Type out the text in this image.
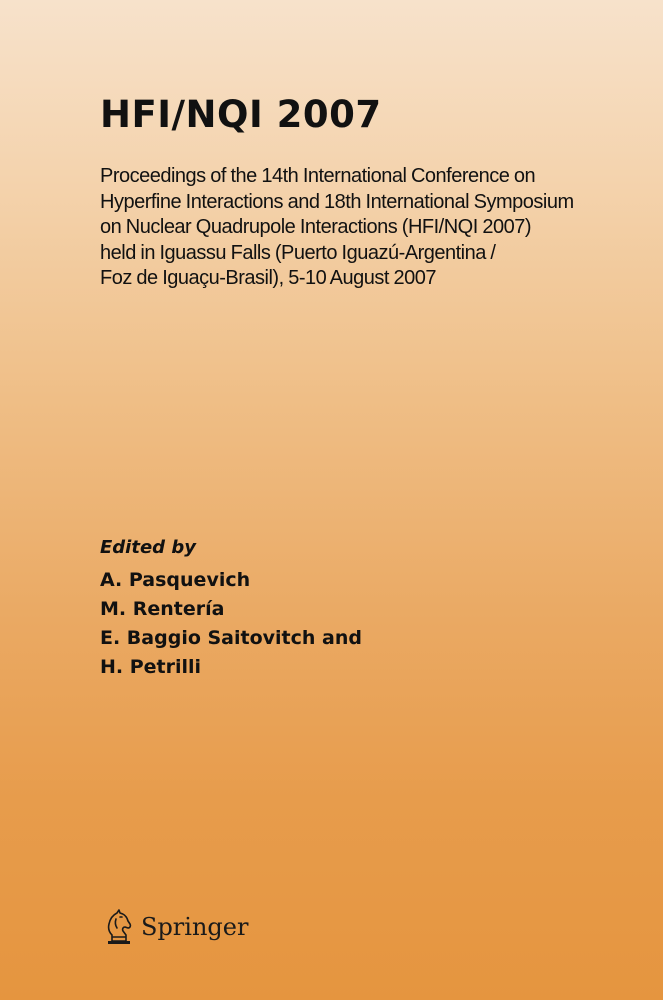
HFI/NQI 2007
Proceedings of the 14th International Conference on
Hyperfine Interactions and 18th International Symposium
on Nuclear Quadrupole Interactions (HFI/NQI 2007)
held in Iguassu Falls (Puerto Iguazú-Argentina /
Foz de Iguaçu-Brasil), 5-10 August 2007
Edited by
A. Pasquevich
M. Rentería
E. Baggio Saitovitch and
H. Petrilli
Springer
